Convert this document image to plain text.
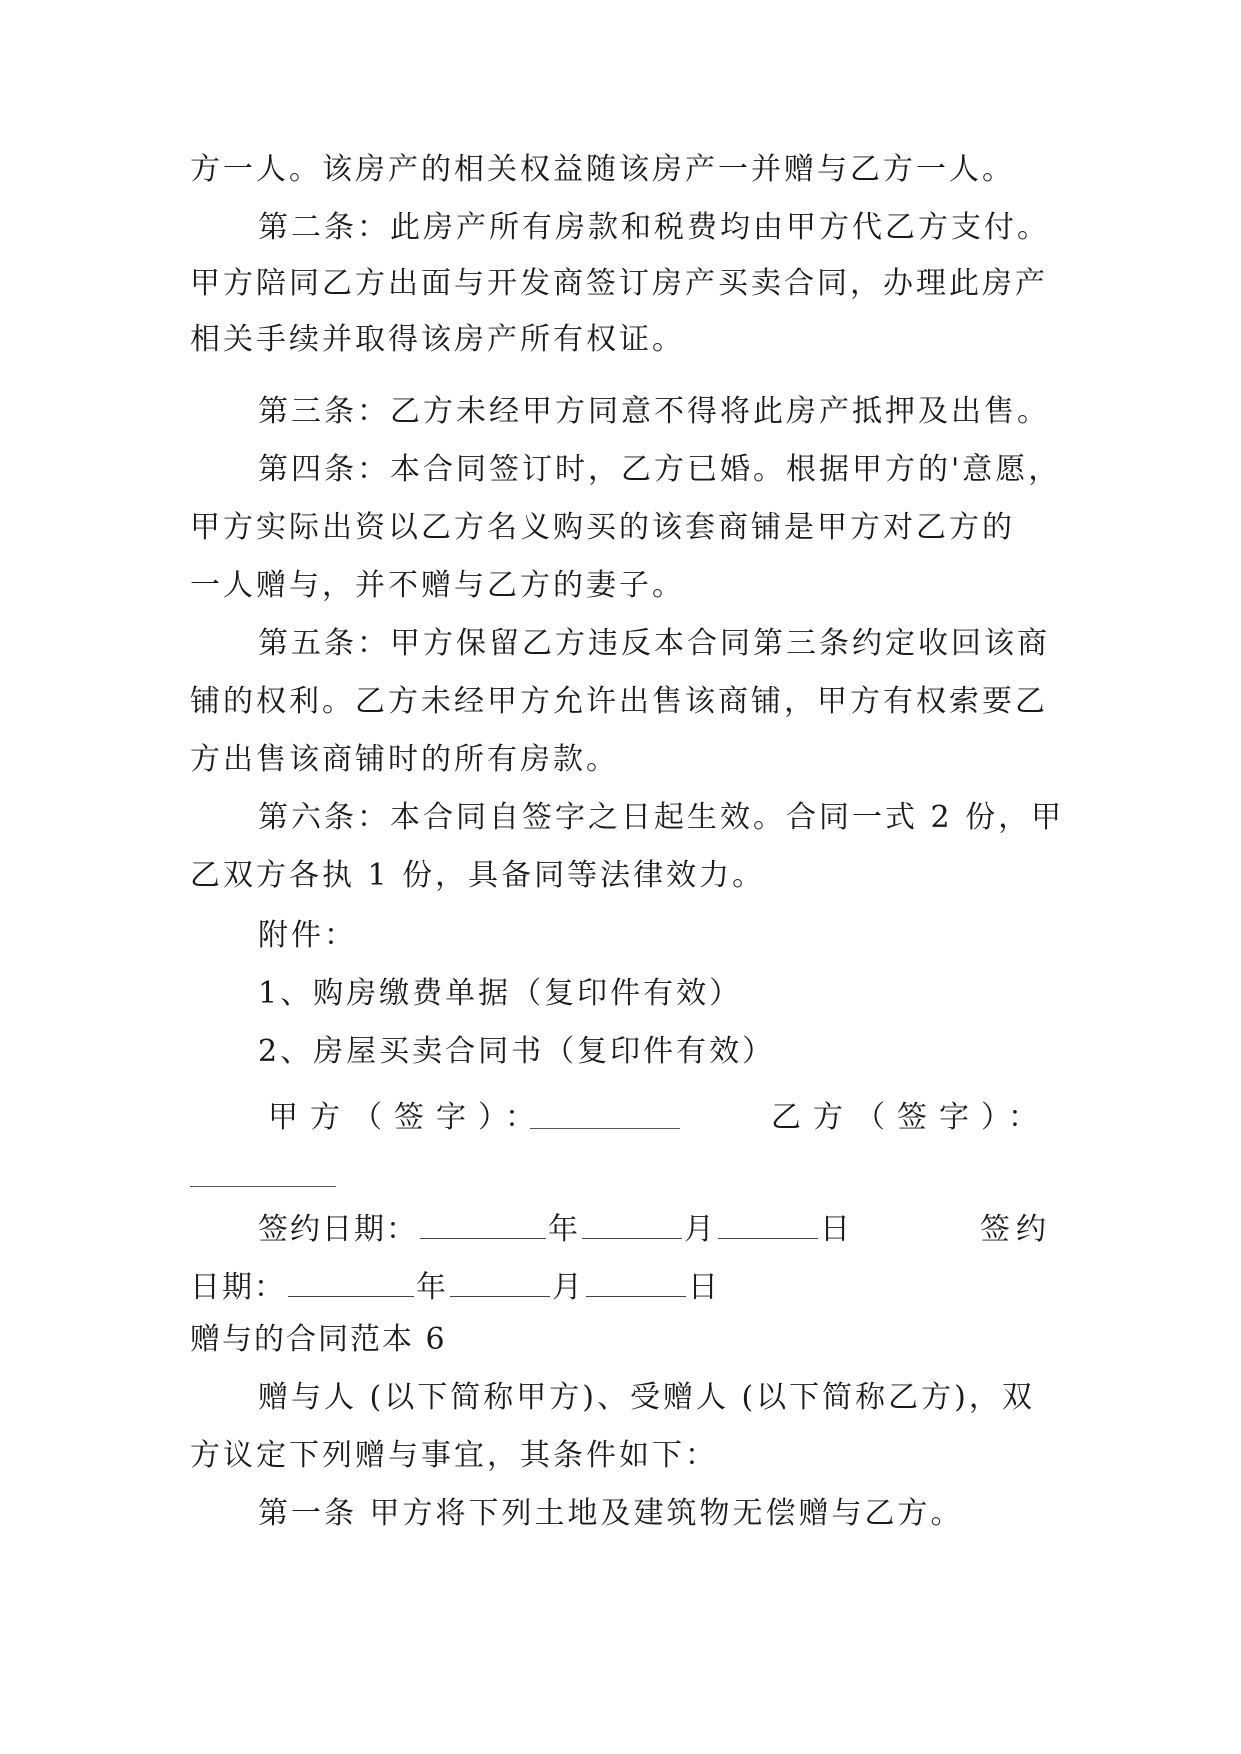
方一人。该房产的相关权益随该房产一并赠与乙方一人。
第二条：此房产所有房款和税费均由甲方代乙方支付。
甲方陪同乙方出面与开发商签订房产买卖合同，办理此房产
相关手续并取得该房产所有权证。
第三条：乙方未经甲方同意不得将此房产抵押及出售。
第四条：本合同签订时，乙方已婚。根据甲方的'意愿，
甲方实际出资以乙方名义购买的该套商铺是甲方对乙方的
一人赠与，并不赠与乙方的妻子。
第五条：甲方保留乙方违反本合同第三条约定收回该商
铺的权利。乙方未经甲方允许出售该商铺，甲方有权索要乙
方出售该商铺时的所有房款。
第六条：本合同自签字之日起生效。合同一式 2 份，甲
乙双方各执 1 份，具备同等法律效力。
附件：
1、购房缴费单据（复印件有效）
2、房屋买卖合同书（复印件有效）
甲方（签字）：	乙方（签字）：
签约日期：	年	月	日	签约
日期：	年	月	日
赠与的合同范本 6
赠与人 (以下简称甲方)、受赠人 (以下简称乙方)，双
方议定下列赠与事宜，其条件如下：
第一条 甲方将下列土地及建筑物无偿赠与乙方。
